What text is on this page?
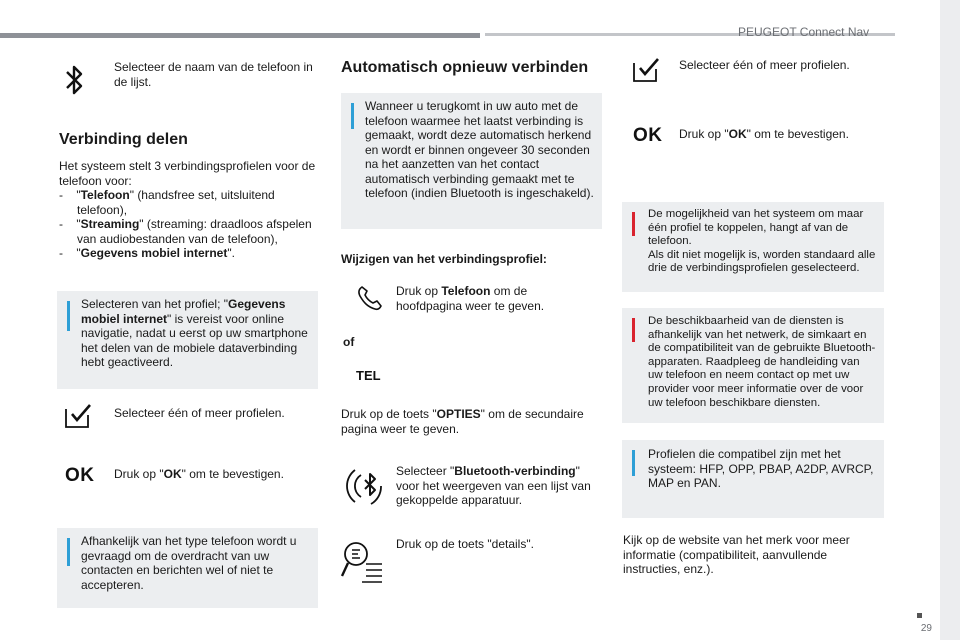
PEUGEOT Connect Nav
Selecteer de naam van de telefoon in de lijst.
Verbinding delen
Het systeem stelt 3 verbindingsprofielen voor de telefoon voor:
- "Telefoon" (handsfree set, uitsluitend telefoon),
- "Streaming" (streaming: draadloos afspelen van audiobestanden van de telefoon),
- "Gegevens mobiel internet".
Selecteren van het profiel; "Gegevens mobiel internet" is vereist voor online navigatie, nadat u eerst op uw smartphone het delen van de mobiele dataverbinding hebt geactiveerd.
Selecteer één of meer profielen.
OK Druk op "OK" om te bevestigen.
Afhankelijk van het type telefoon wordt u gevraagd om de overdracht van uw contacten en berichten wel of niet te accepteren.
Automatisch opnieuw verbinden
Wanneer u terugkomt in uw auto met de telefoon waarmee het laatst verbinding is gemaakt, wordt deze automatisch herkend en wordt er binnen ongeveer 30 seconden na het aanzetten van het contact automatisch verbinding gemaakt met te telefoon (indien Bluetooth is ingeschakeld).
Wijzigen van het verbindingsprofiel:
Druk op Telefoon om de hoofdpagina weer te geven.
of
TEL
Druk op de toets "OPTIES" om de secundaire pagina weer te geven.
Selecteer "Bluetooth-verbinding" voor het weergeven van een lijst van gekoppelde apparatuur.
Druk op de toets "details".
Selecteer één of meer profielen.
OK Druk op "OK" om te bevestigen.
De mogelijkheid van het systeem om maar één profiel te koppelen, hangt af van de telefoon.
Als dit niet mogelijk is, worden standaard alle drie de verbindingsprofielen geselecteerd.
De beschikbaarheid van de diensten is afhankelijk van het netwerk, de simkaart en de compatibiliteit van de gebruikte Bluetooth-apparaten. Raadpleeg de handleiding van uw telefoon en neem contact op met uw provider voor meer informatie over de voor uw telefoon beschikbare diensten.
Profielen die compatibel zijn met het systeem: HFP, OPP, PBAP, A2DP, AVRCP, MAP en PAN.
Kijk op de website van het merk voor meer informatie (compatibiliteit, aanvullende instructies, enz.).
29
